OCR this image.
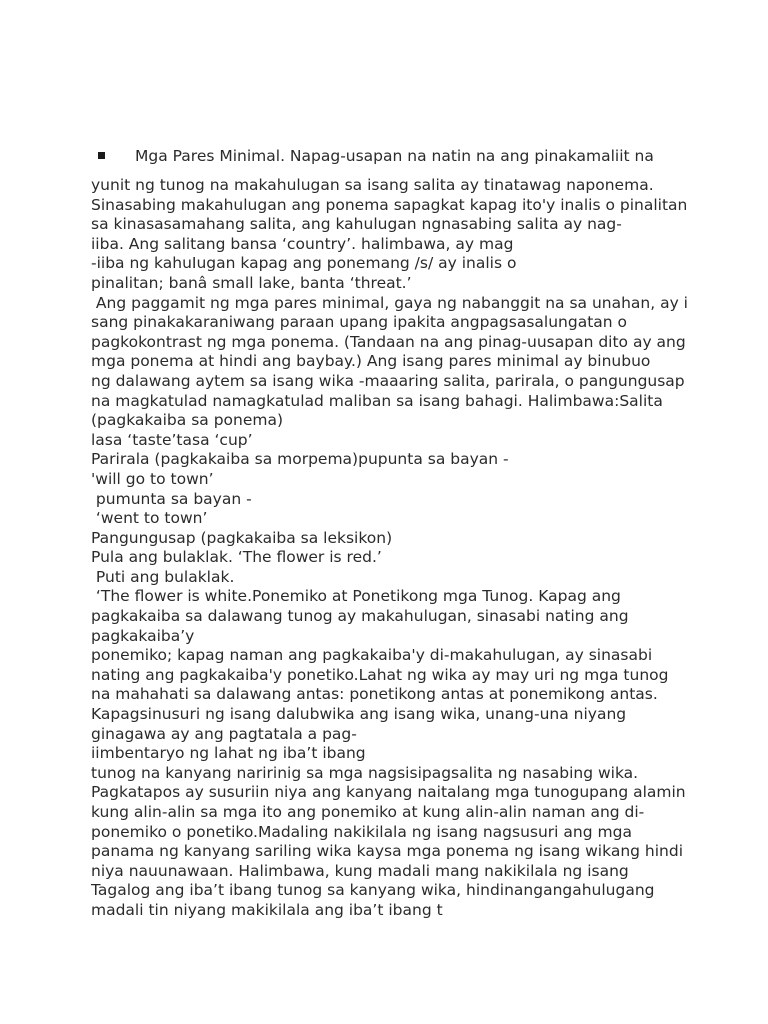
Mga Pares Minimal. Napag-usapan na natin na ang pinakamaliit na
yunit ng tunog na makahulugan sa isang salita ay tinatawag naponema.
Sinasabing makahulugan ang ponema sapagkat kapag ito'y inalis o pinalitan
sa kinasasamahang salita, ang kahulugan ngnasabing salita ay nag-
iiba. Ang salitang bansa ‘country’. halimbawa, ay mag
-iiba ng kahuIugan kapag ang ponemang /s/ ay inalis o
pinalitan; banâ small lake, banta ‘threat.’
Ang paggamit ng mga pares minimal, gaya ng nabanggit na sa unahan, ay i
sang pinakakaraniwang paraan upang ipakita angpagsasalungatan o
pagkokontrast ng mga ponema. (Tandaan na ang pinag-uusapan dito ay ang
mga ponema at hindi ang baybay.) Ang isang pares minimal ay binubuo
ng dalawang aytem sa isang wika -maaaring salita, parirala, o pangungusap
na magkatulad namagkatulad maliban sa isang bahagi. Halimbawa:Salita
(pagkakaiba sa ponema)
lasa ‘taste’tasa ‘cup’
Parirala (pagkakaiba sa morpema)pupunta sa bayan -
'will go to town’
pumunta sa bayan -
‘went to town’
Pangungusap (pagkakaiba sa leksikon)
Pula ang bulaklak. ‘The flower is red.’
Puti ang bulaklak.
‘The flower is white.Ponemiko at Ponetikong mga Tunog. Kapag ang
pagkakaiba sa dalawang tunog ay makahulugan, sinasabi nating ang
pagkakaiba’y
ponemiko; kapag naman ang pagkakaiba'y di-makahulugan, ay sinasabi
nating ang pagkakaiba'y ponetiko.Lahat ng wika ay may uri ng mga tunog
na mahahati sa dalawang antas: ponetikong antas at ponemikong antas.
Kapagsinusuri ng isang dalubwika ang isang wika, unang-una niyang
ginagawa ay ang pagtatala a pag-
iimbentaryo ng lahat ng iba’t ibang
tunog na kanyang naririnig sa mga nagsisipagsalita ng nasabing wika.
Pagkatapos ay susuriin niya ang kanyang naitalang mga tunogupang alamin
kung alin-alin sa mga ito ang ponemiko at kung alin-alin naman ang di-
ponemiko o ponetiko.Madaling nakikilala ng isang nagsusuri ang mga
panama ng kanyang sariling wika kaysa mga ponema ng isang wikang hindi
niya nauunawaan. Halimbawa, kung madali mang nakikilala ng isang
Tagalog ang iba’t ibang tunog sa kanyang wika, hindinangangahulugang
madali tin niyang makikilala ang iba’t ibang t
